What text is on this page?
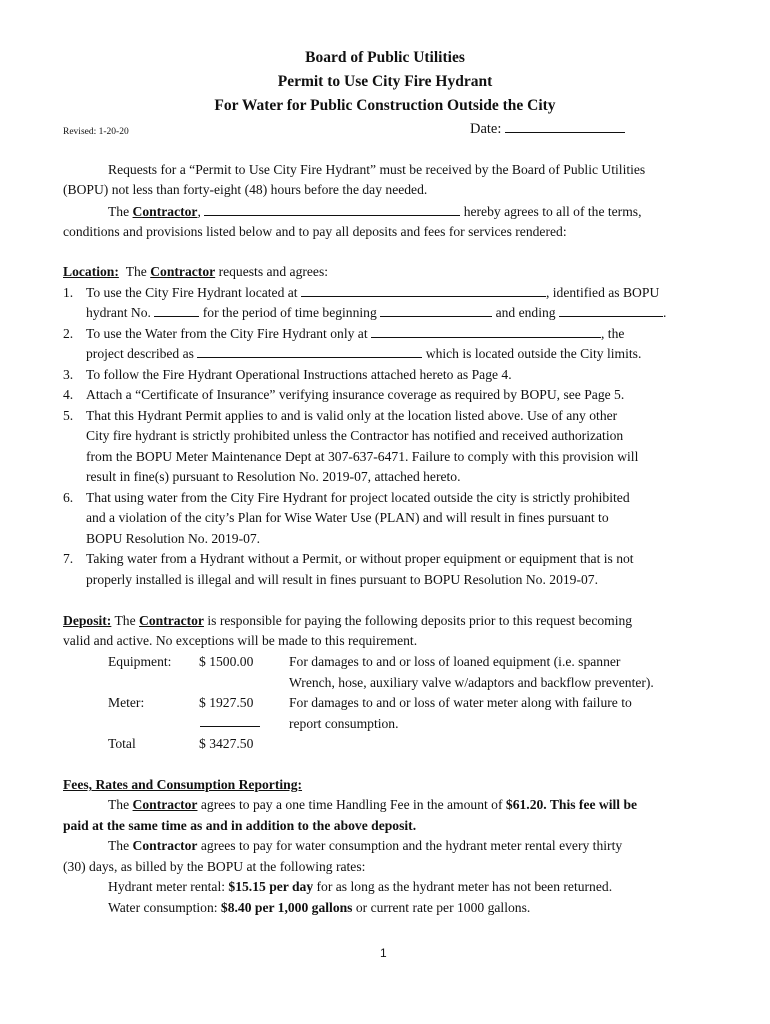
Board of Public Utilities
Permit to Use City Fire Hydrant
For Water for Public Construction Outside the City
Revised: 1-20-20	Date:
Requests for a “Permit to Use City Fire Hydrant” must be received by the Board of Public Utilities
(BOPU) not less than forty-eight (48) hours before the day needed.
The Contractor,	hereby agrees to all of the terms,
conditions and provisions listed below and to pay all deposits and fees for services rendered:
Location: The Contractor requests and agrees:
1. To use the City Fire Hydrant located at	, identified as BOPU
hydrant No.	for the period of time beginning	and ending	.
2. To use the Water from the City Fire Hydrant only at	, the
project described as	which is located outside the City limits.
3. To follow the Fire Hydrant Operational Instructions attached hereto as Page 4.
4. Attach a “Certificate of Insurance” verifying insurance coverage as required by BOPU, see Page 5.
5. That this Hydrant Permit applies to and is valid only at the location listed above. Use of any other
City fire hydrant is strictly prohibited unless the Contractor has notified and received authorization
from the BOPU Meter Maintenance Dept at 307-637-6471. Failure to comply with this provision will
result in fine(s) pursuant to Resolution No. 2019-07, attached hereto.
6. That using water from the City Fire Hydrant for project located outside the city is strictly prohibited
and a violation of the city’s Plan for Wise Water Use (PLAN) and will result in fines pursuant to
BOPU Resolution No. 2019-07.
7. Taking water from a Hydrant without a Permit, or without proper equipment or equipment that is not
properly installed is illegal and will result in fines pursuant to BOPU Resolution No. 2019-07.
Deposit: The Contractor is responsible for paying the following deposits prior to this request becoming
valid and active. No exceptions will be made to this requirement.
Equipment: $ 1500.00	For damages to and or loss of loaned equipment (i.e. spanner
Wrench, hose, auxiliary valve w/adaptors and backflow preventer).
Meter:	$ 1927.50	For damages to and or loss of water meter along with failure to
report consumption.
Total	$ 3427.50
Fees, Rates and Consumption Reporting:
The Contractor agrees to pay a one time Handling Fee in the amount of $61.20. This fee will be
paid at the same time as and in addition to the above deposit.
The Contractor agrees to pay for water consumption and the hydrant meter rental every thirty
(30) days, as billed by the BOPU at the following rates:
Hydrant meter rental: $15.15 per day for as long as the hydrant meter has not been returned.
Water consumption: $8.40 per 1,000 gallons or current rate per 1000 gallons.
1
